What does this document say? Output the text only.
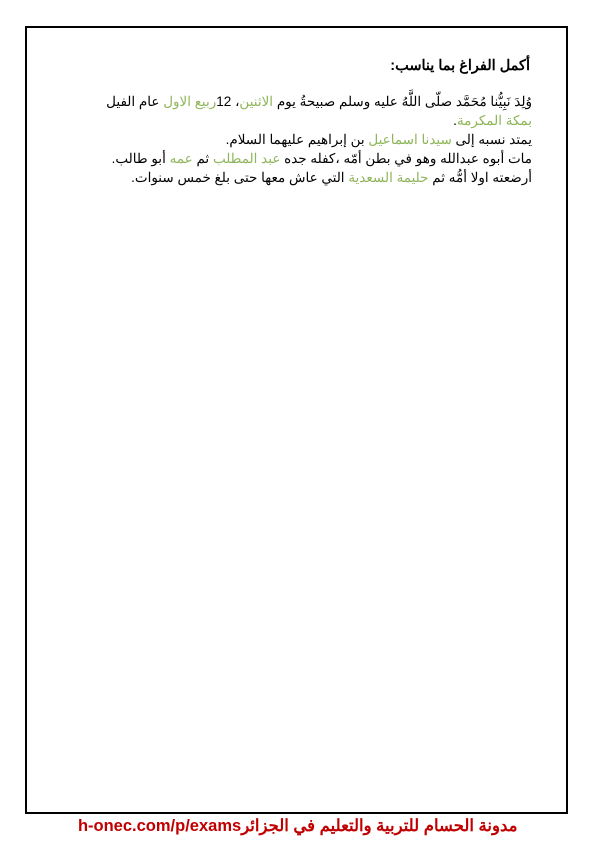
أكمل الفراغ بما يناسب:

وُلِدَ نَبِيُّنا مُحَمَّد صلّى اللَّهُ عليه وسلم صبيحةُ يوم الاثنين، 12ربيع الاول عام الفيل
بمكة المكرمة.

يمتد نسبه إلى سيدنا اسماعيل بن إبراهيم عليهما السلام.

مات أبوه عبدالله وهو في بطن أمّه ،كفله جده عبد المطلب ثم عمه أبو طالب.

أرضعته اولا أمُّه ثم حليمة السعدية التي عاش معها حتى بلغ خمس سنوات.

h-onec.com/p/exams مدونة الحسام للتربية والتعليم في الجزائر
